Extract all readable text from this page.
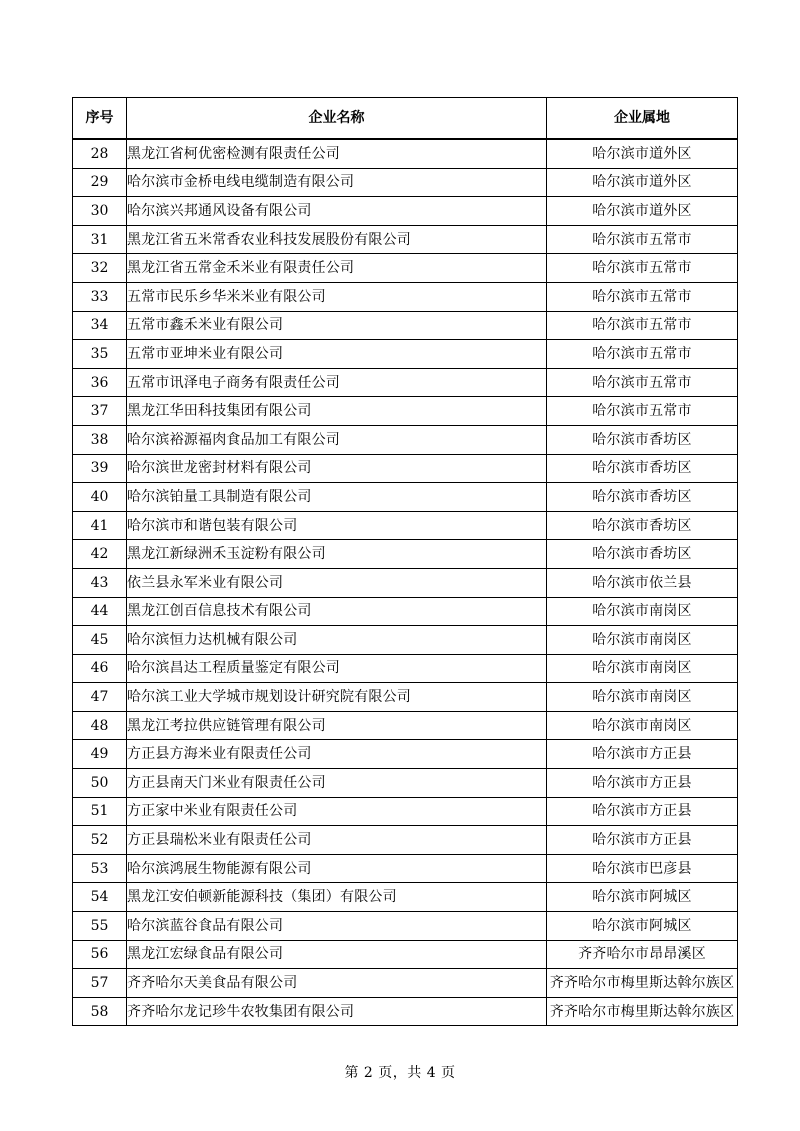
序号	企业名称	企业属地
28	黑龙江省柯优密检测有限责任公司	哈尔滨市道外区
29	哈尔滨市金桥电线电缆制造有限公司	哈尔滨市道外区
30	哈尔滨兴邦通风设备有限公司	哈尔滨市道外区
31	黑龙江省五米常香农业科技发展股份有限公司	哈尔滨市五常市
32	黑龙江省五常金禾米业有限责任公司	哈尔滨市五常市
33	五常市民乐乡华米米业有限公司	哈尔滨市五常市
34	五常市鑫禾米业有限公司	哈尔滨市五常市
35	五常市亚坤米业有限公司	哈尔滨市五常市
36	五常市讯泽电子商务有限责任公司	哈尔滨市五常市
37	黑龙江华田科技集团有限公司	哈尔滨市五常市
38	哈尔滨裕源福肉食品加工有限公司	哈尔滨市香坊区
39	哈尔滨世龙密封材料有限公司	哈尔滨市香坊区
40	哈尔滨铂量工具制造有限公司	哈尔滨市香坊区
41	哈尔滨市和谐包装有限公司	哈尔滨市香坊区
42	黑龙江新绿洲禾玉淀粉有限公司	哈尔滨市香坊区
43	依兰县永军米业有限公司	哈尔滨市依兰县
44	黑龙江创百信息技术有限公司	哈尔滨市南岗区
45	哈尔滨恒力达机械有限公司	哈尔滨市南岗区
46	哈尔滨昌达工程质量鉴定有限公司	哈尔滨市南岗区
47	哈尔滨工业大学城市规划设计研究院有限公司	哈尔滨市南岗区
48	黑龙江考拉供应链管理有限公司	哈尔滨市南岗区
49	方正县方海米业有限责任公司	哈尔滨市方正县
50	方正县南天门米业有限责任公司	哈尔滨市方正县
51	方正家中米业有限责任公司	哈尔滨市方正县
52	方正县瑞松米业有限责任公司	哈尔滨市方正县
53	哈尔滨鸿展生物能源有限公司	哈尔滨市巴彦县
54	黑龙江安伯顿新能源科技（集团）有限公司	哈尔滨市阿城区
55	哈尔滨蓝谷食品有限公司	哈尔滨市阿城区
56	黑龙江宏绿食品有限公司	齐齐哈尔市昂昂溪区
57	齐齐哈尔天美食品有限公司	齐齐哈尔市梅里斯达斡尔族区
58	齐齐哈尔龙记珍牛农牧集团有限公司	齐齐哈尔市梅里斯达斡尔族区
第 2 页，共 4 页
